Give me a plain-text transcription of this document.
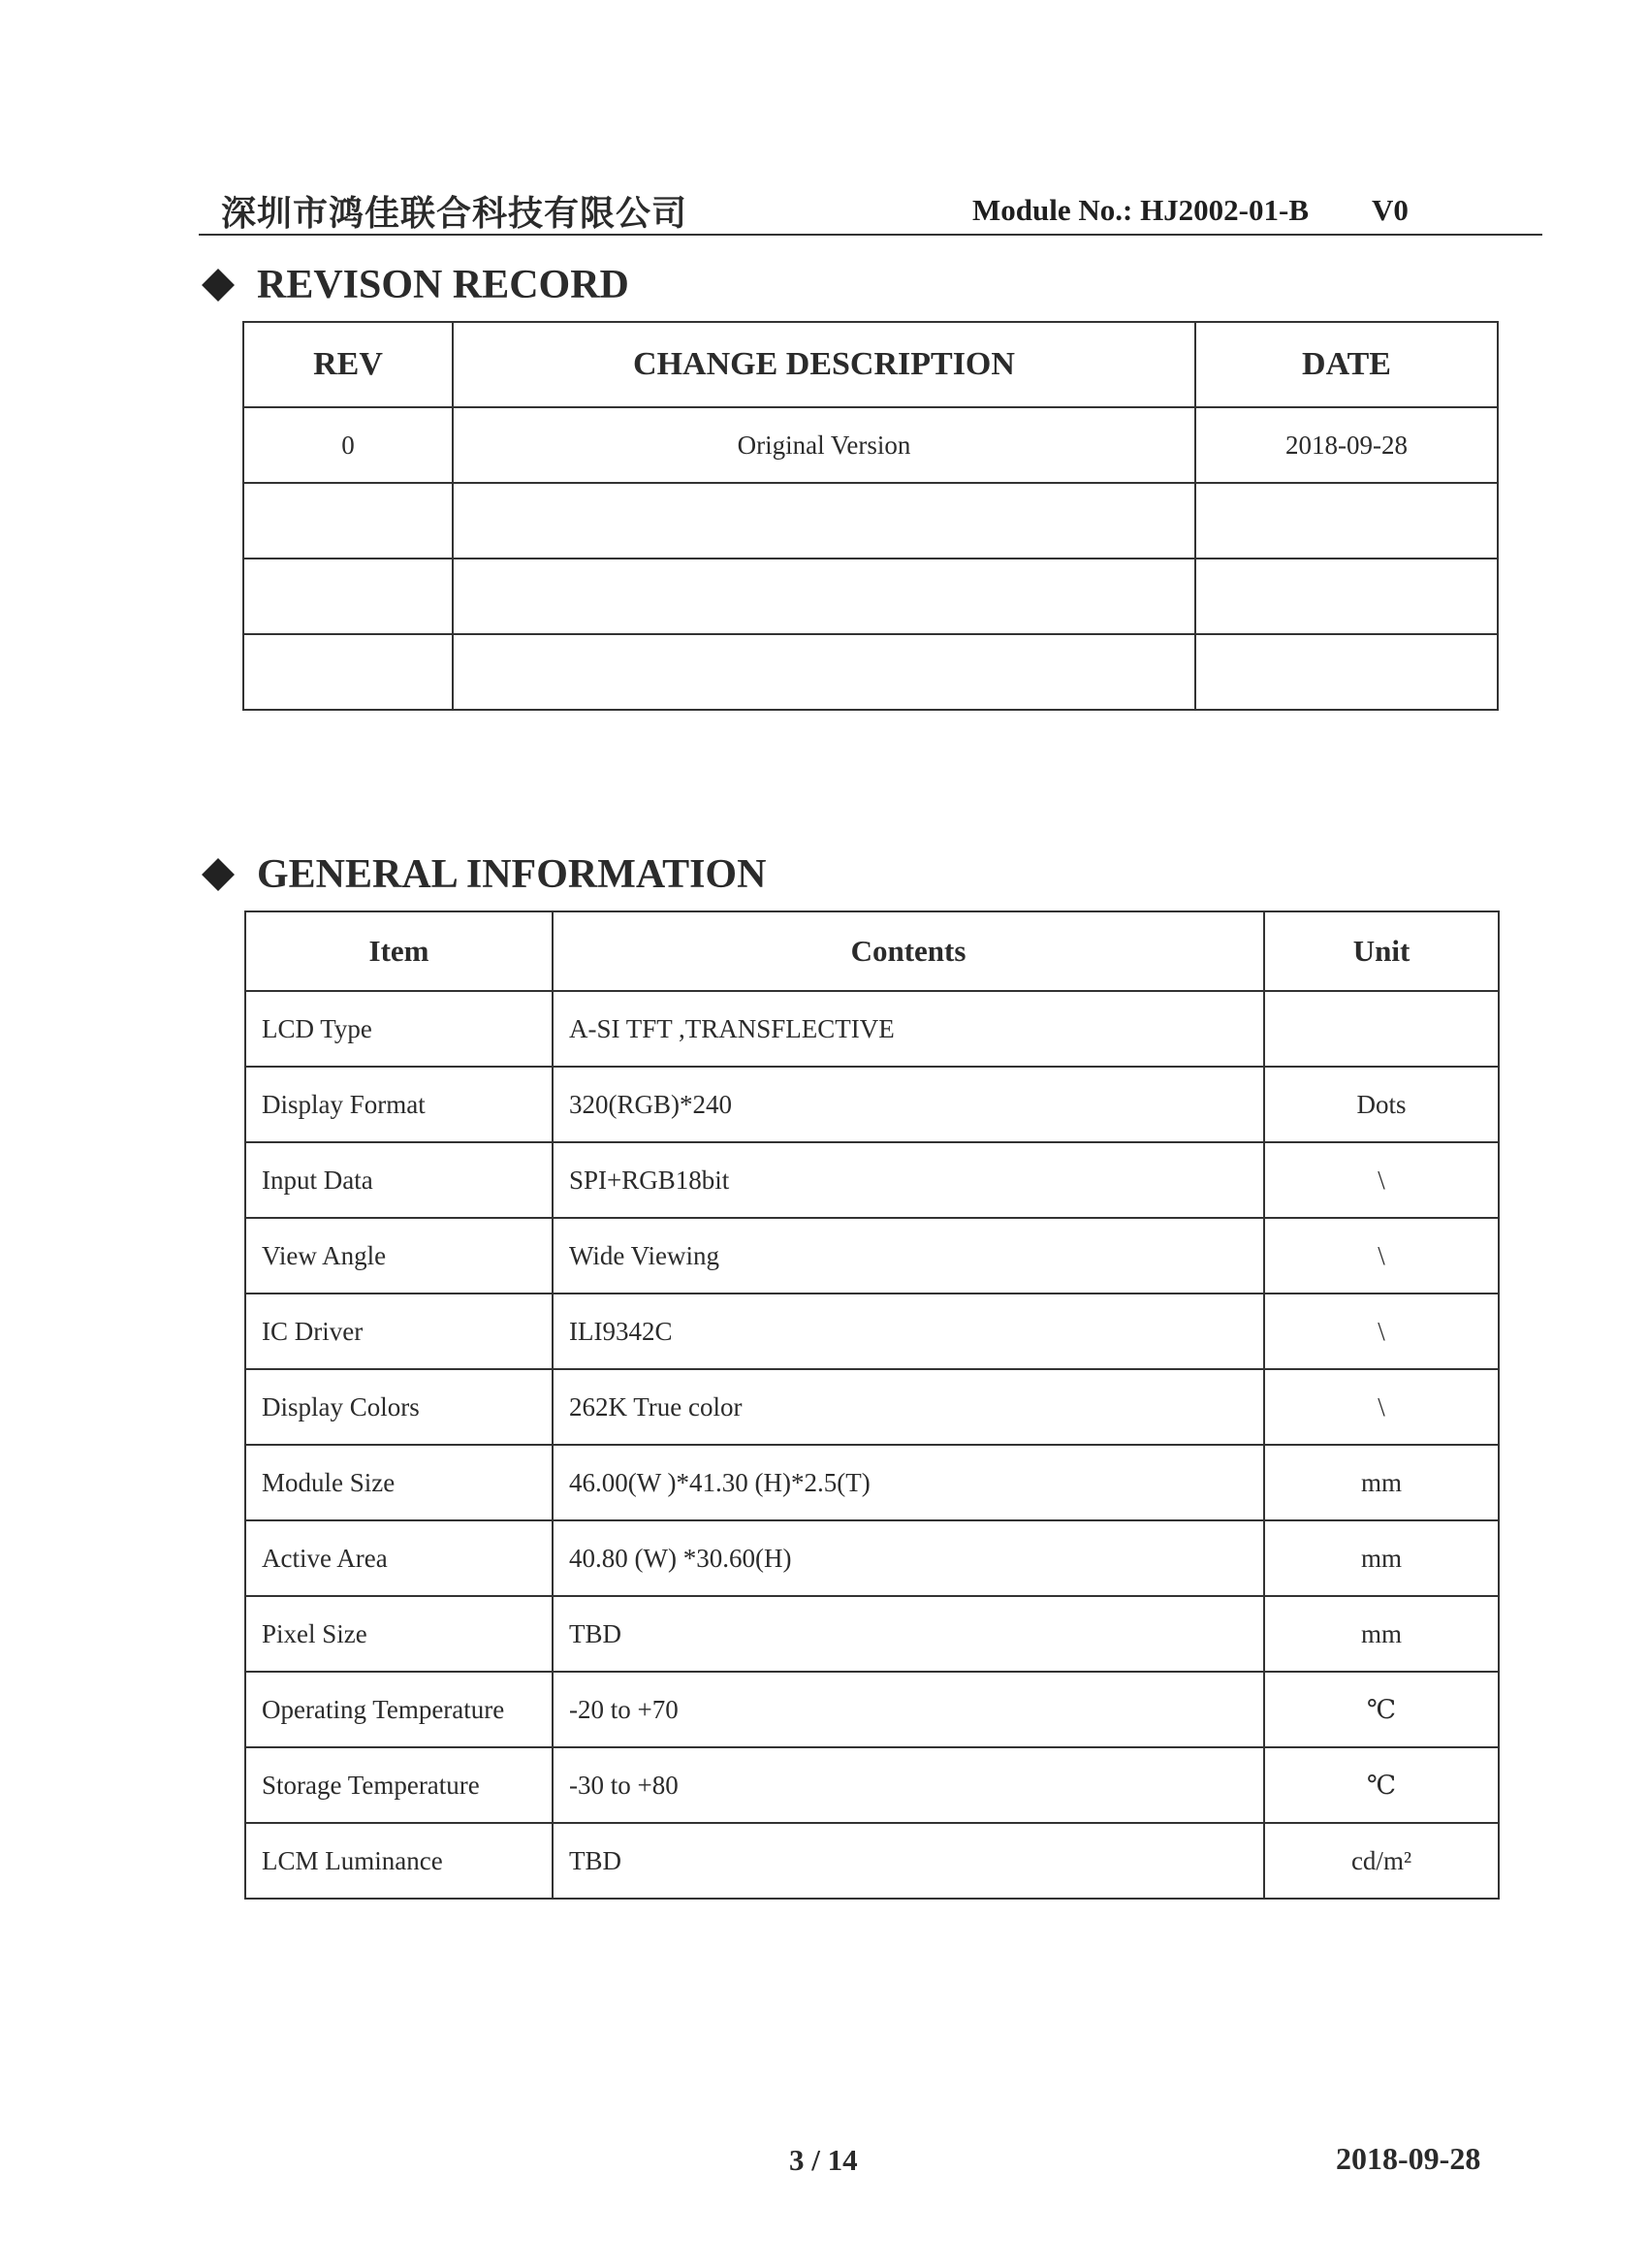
深圳市鸿佳联合科技有限公司	Module No.: HJ2002-01-B V0
REVISON RECORD
REV	CHANGE DESCRIPTION	DATE
0	Original Version	2018-09-28

GENERAL INFORMATION
Item	Contents	Unit
LCD Type	A-SI TFT ,TRANSFLECTIVE	
Display Format	320(RGB)*240	Dots
Input Data	SPI+RGB18bit	\
View Angle	Wide Viewing	\
IC Driver	ILI9342C	\
Display Colors	262K True color	\
Module Size	46.00(W )*41.30 (H)*2.5(T)	mm
Active Area	40.80 (W) *30.60(H)	mm
Pixel Size	TBD	mm
Operating Temperature	-20 to +70	℃
Storage Temperature	-30 to +80	℃
LCM Luminance	TBD	cd/m²
3 / 14	2018-09-28
